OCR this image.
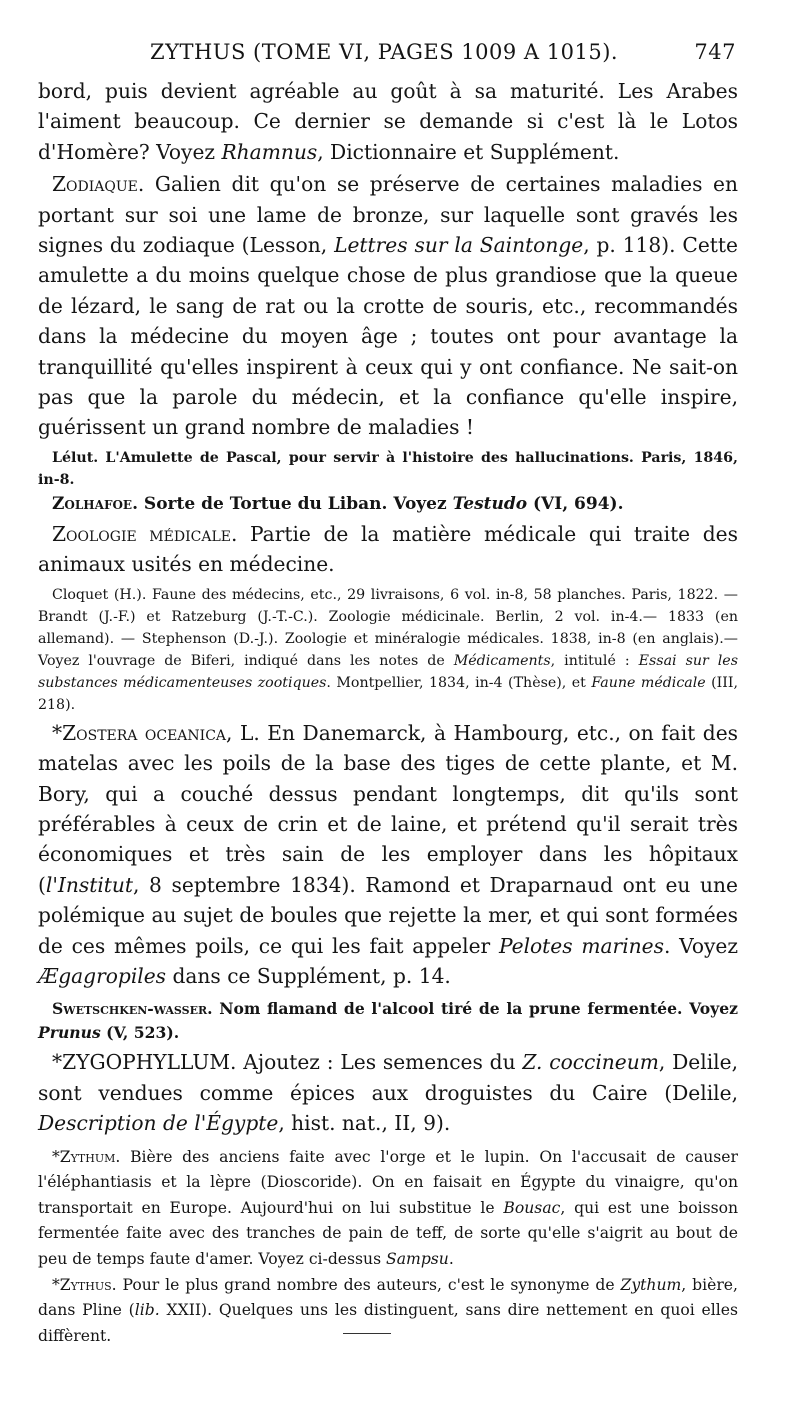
ZYTHUS (TOME VI, PAGES 1009 A 1015).	747

bord, puis devient agréable au goût à sa maturité. Les Arabes l'aiment beaucoup. Ce dernier se demande si c'est là le Lotos d'Homère? Voyez Rhamnus, Dictionnaire et Supplément.

Zodiaque. Galien dit qu'on se préserve de certaines maladies en portant sur soi une lame de bronze, sur laquelle sont gravés les signes du zodiaque (Lesson, Lettres sur la Saintonge, p. 118). Cette amulette a du moins quelque chose de plus grandiose que la queue de lézard, le sang de rat ou la crotte de souris, etc., recommandés dans la médecine du moyen âge ; toutes ont pour avantage la tranquillité qu'elles inspirent à ceux qui y ont confiance. Ne sait-on pas que la parole du médecin, et la confiance qu'elle inspire, guérissent un grand nombre de maladies !

Lélut. L'Amulette de Pascal, pour servir à l'histoire des hallucinations. Paris, 1846, in-8.

Zolhafoe. Sorte de Tortue du Liban. Voyez Testudo (VI, 694).

Zoologie médicale. Partie de la matière médicale qui traite des animaux usités en médecine.

Cloquet (H.). Faune des médecins, etc., 29 livraisons, 6 vol. in-8, 58 planches. Paris, 1822. — Brandt (J.-F.) et Ratzeburg (J.-T.-C.). Zoologie médicinale. Berlin, 2 vol. in-4.— 1833 (en allemand). — Stephenson (D.-J.). Zoologie et minéralogie médicales. 1838, in-8 (en anglais).—Voyez l'ouvrage de Biferi, indiqué dans les notes de Médicaments, intitulé : Essai sur les substances médicamenteuses zootiques. Montpellier, 1834, in-4 (Thèse), et Faune médicale (III, 218).

*Zostera oceanica, L. En Danemarck, à Hambourg, etc., on fait des matelas avec les poils de la base des tiges de cette plante, et M. Bory, qui a couché dessus pendant longtemps, dit qu'ils sont préférables à ceux de crin et de laine, et prétend qu'il serait très économiques et très sain de les employer dans les hôpitaux (l'Institut, 8 septembre 1834). Ramond et Draparnaud ont eu une polémique au sujet de boules que rejette la mer, et qui sont formées de ces mêmes poils, ce qui les fait appeler Pelotes marines. Voyez Ægagropiles dans ce Supplément, p. 14.

Swetschken-wasser. Nom flamand de l'alcool tiré de la prune fermentée. Voyez Prunus (V, 523).

*ZYGOPHYLLUM. Ajoutez : Les semences du Z. coccineum, Delile, sont vendues comme épices aux droguistes du Caire (Delile, Description de l'Égypte, hist. nat., II, 9).

*Zythum. Bière des anciens faite avec l'orge et le lupin. On l'accusait de causer l'éléphantiasis et la lèpre (Dioscoride). On en faisait en Égypte du vinaigre, qu'on transportait en Europe. Aujourd'hui on lui substitue le Bousac, qui est une boisson fermentée faite avec des tranches de pain de teff, de sorte qu'elle s'aigrit au bout de peu de temps faute d'amer. Voyez ci-dessus Sampsu.

*Zythus. Pour le plus grand nombre des auteurs, c'est le synonyme de Zythum, bière, dans Pline (lib. XXII). Quelques uns les distinguent, sans dire nettement en quoi elles diffèrent.
